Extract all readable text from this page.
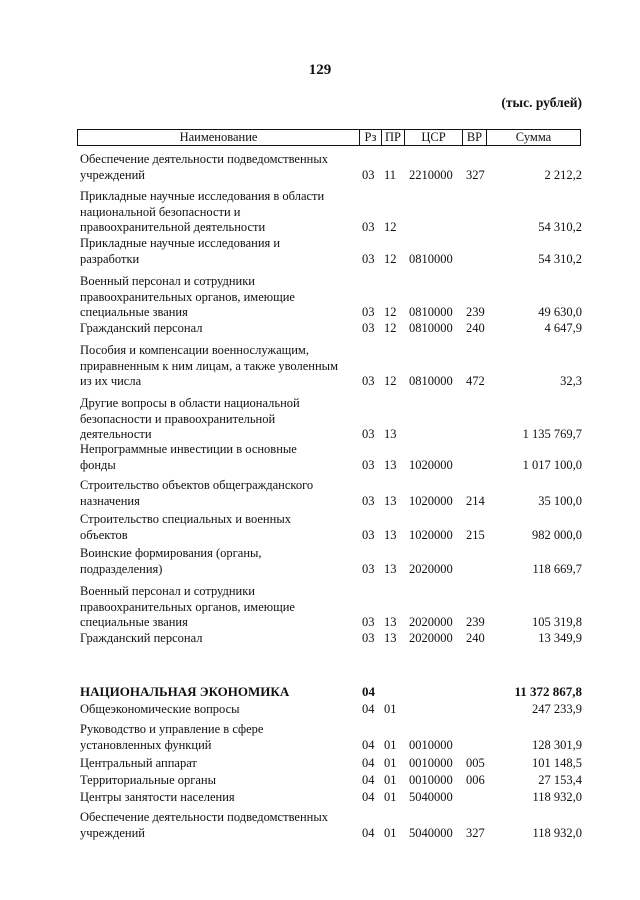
129
(тыс. рублей)
Наименование	Рз ПР	ЦСР	ВР	Сумма
Обеспечение деятельности подведомственных учреждений	03 11 2210000 327	2 212,2
Прикладные научные исследования в области национальной безопасности и правоохранительной деятельности	03 12	54 310,2
Прикладные научные исследования и разработки	03 12 0810000	54 310,2
Военный персонал и сотрудники правоохранительных органов, имеющие специальные звания	03 12 0810000 239	49 630,0
Гражданский персонал	03 12 0810000 240	4 647,9
Пособия и компенсации военнослужащим, приравненным к ним лицам, а также уволенным из их числа	03 12 0810000 472	32,3
Другие вопросы в области национальной безопасности и правоохранительной деятельности	03 13	1 135 769,7
Непрограммные инвестиции в основные фонды	03 13 1020000	1 017 100,0
Строительство объектов общегражданского назначения	03 13 1020000 214	35 100,0
Строительство специальных и военных объектов	03 13 1020000 215	982 000,0
Воинские формирования (органы, подразделения)	03 13 2020000	118 669,7
Военный персонал и сотрудники правоохранительных органов, имеющие специальные звания	03 13 2020000 239	105 319,8
Гражданский персонал	03 13 2020000 240	13 349,9
НАЦИОНАЛЬНАЯ ЭКОНОМИКА	04	11 372 867,8
Общеэкономические вопросы	04 01	247 233,9
Руководство и управление в сфере установленных функций	04 01 0010000	128 301,9
Центральный аппарат	04 01 0010000 005	101 148,5
Территориальные органы	04 01 0010000 006	27 153,4
Центры занятости населения	04 01 5040000	118 932,0
Обеспечение деятельности подведомственных учреждений	04 01 5040000 327	118 932,0
